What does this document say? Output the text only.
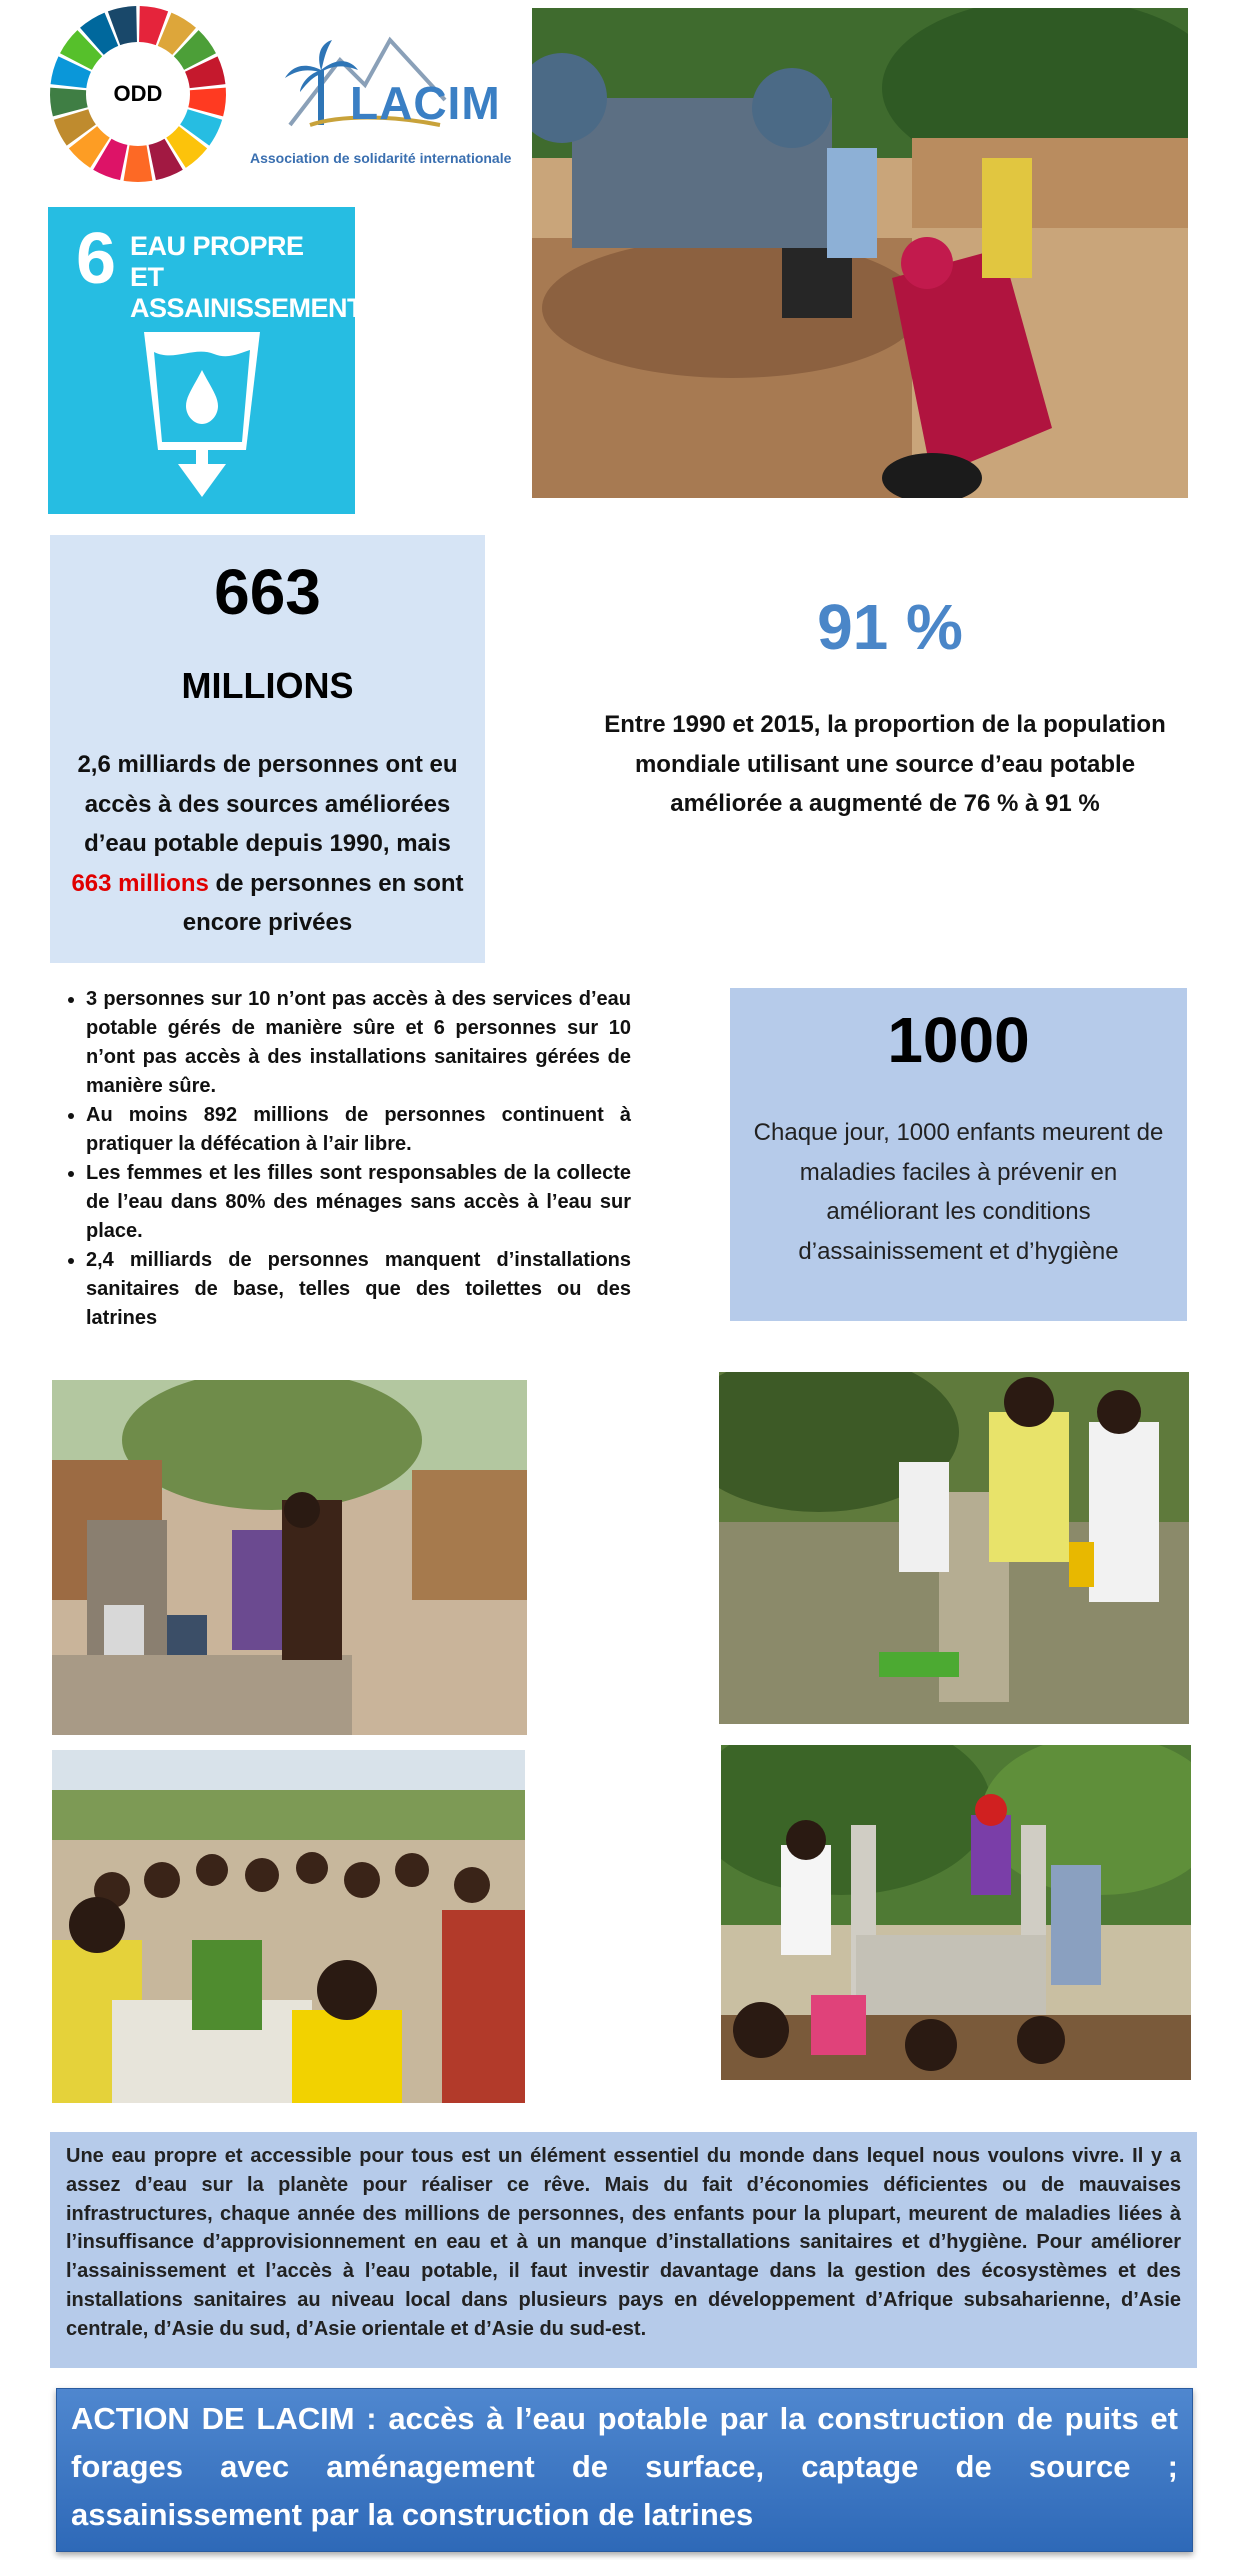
ODD	LACIM
Association de solidarité internationale
6 EAU PROPRE ET ASSAINISSEMENT
663
MILLIONS
2,6 milliards de personnes ont eu accès à des sources améliorées d’eau potable depuis 1990, mais 663 millions de personnes en sont encore privées
91 %
Entre 1990 et 2015, la proportion de la population mondiale utilisant une source d’eau potable améliorée a augmenté de 76 % à 91 %
• 3 personnes sur 10 n’ont pas accès à des services d’eau potable gérés de manière sûre et 6 personnes sur 10 n’ont pas accès à des installations sanitaires gérées de manière sûre.
• Au moins 892 millions de personnes continuent à pratiquer la défécation à l’air libre.
• Les femmes et les filles sont responsables de la collecte de l’eau dans 80% des ménages sans accès à l’eau sur place.
• 2,4 milliards de personnes manquent d’installations sanitaires de base, telles que des toilettes ou des latrines
1000
Chaque jour, 1000 enfants meurent de maladies faciles à prévenir en améliorant les conditions d’assainissement et d’hygiène
Une eau propre et accessible pour tous est un élément essentiel du monde dans lequel nous voulons vivre. Il y a assez d’eau sur la planète pour réaliser ce rêve. Mais du fait d’économies déficientes ou de mauvaises infrastructures, chaque année des millions de personnes, des enfants pour la plupart, meurent de maladies liées à l’insuffisance d’approvisionnement en eau et à un manque d’installations sanitaires et d’hygiène. Pour améliorer l’assainissement et l’accès à l’eau potable, il faut investir davantage dans la gestion des écosystèmes et des installations sanitaires au niveau local dans plusieurs pays en développement d’Afrique subsaharienne, d’Asie centrale, d’Asie du sud, d’Asie orientale et d’Asie du sud-est.
ACTION DE LACIM : accès à l’eau potable par la construction de puits et forages avec aménagement de surface, captage de source ; assainissement par la construction de latrines
